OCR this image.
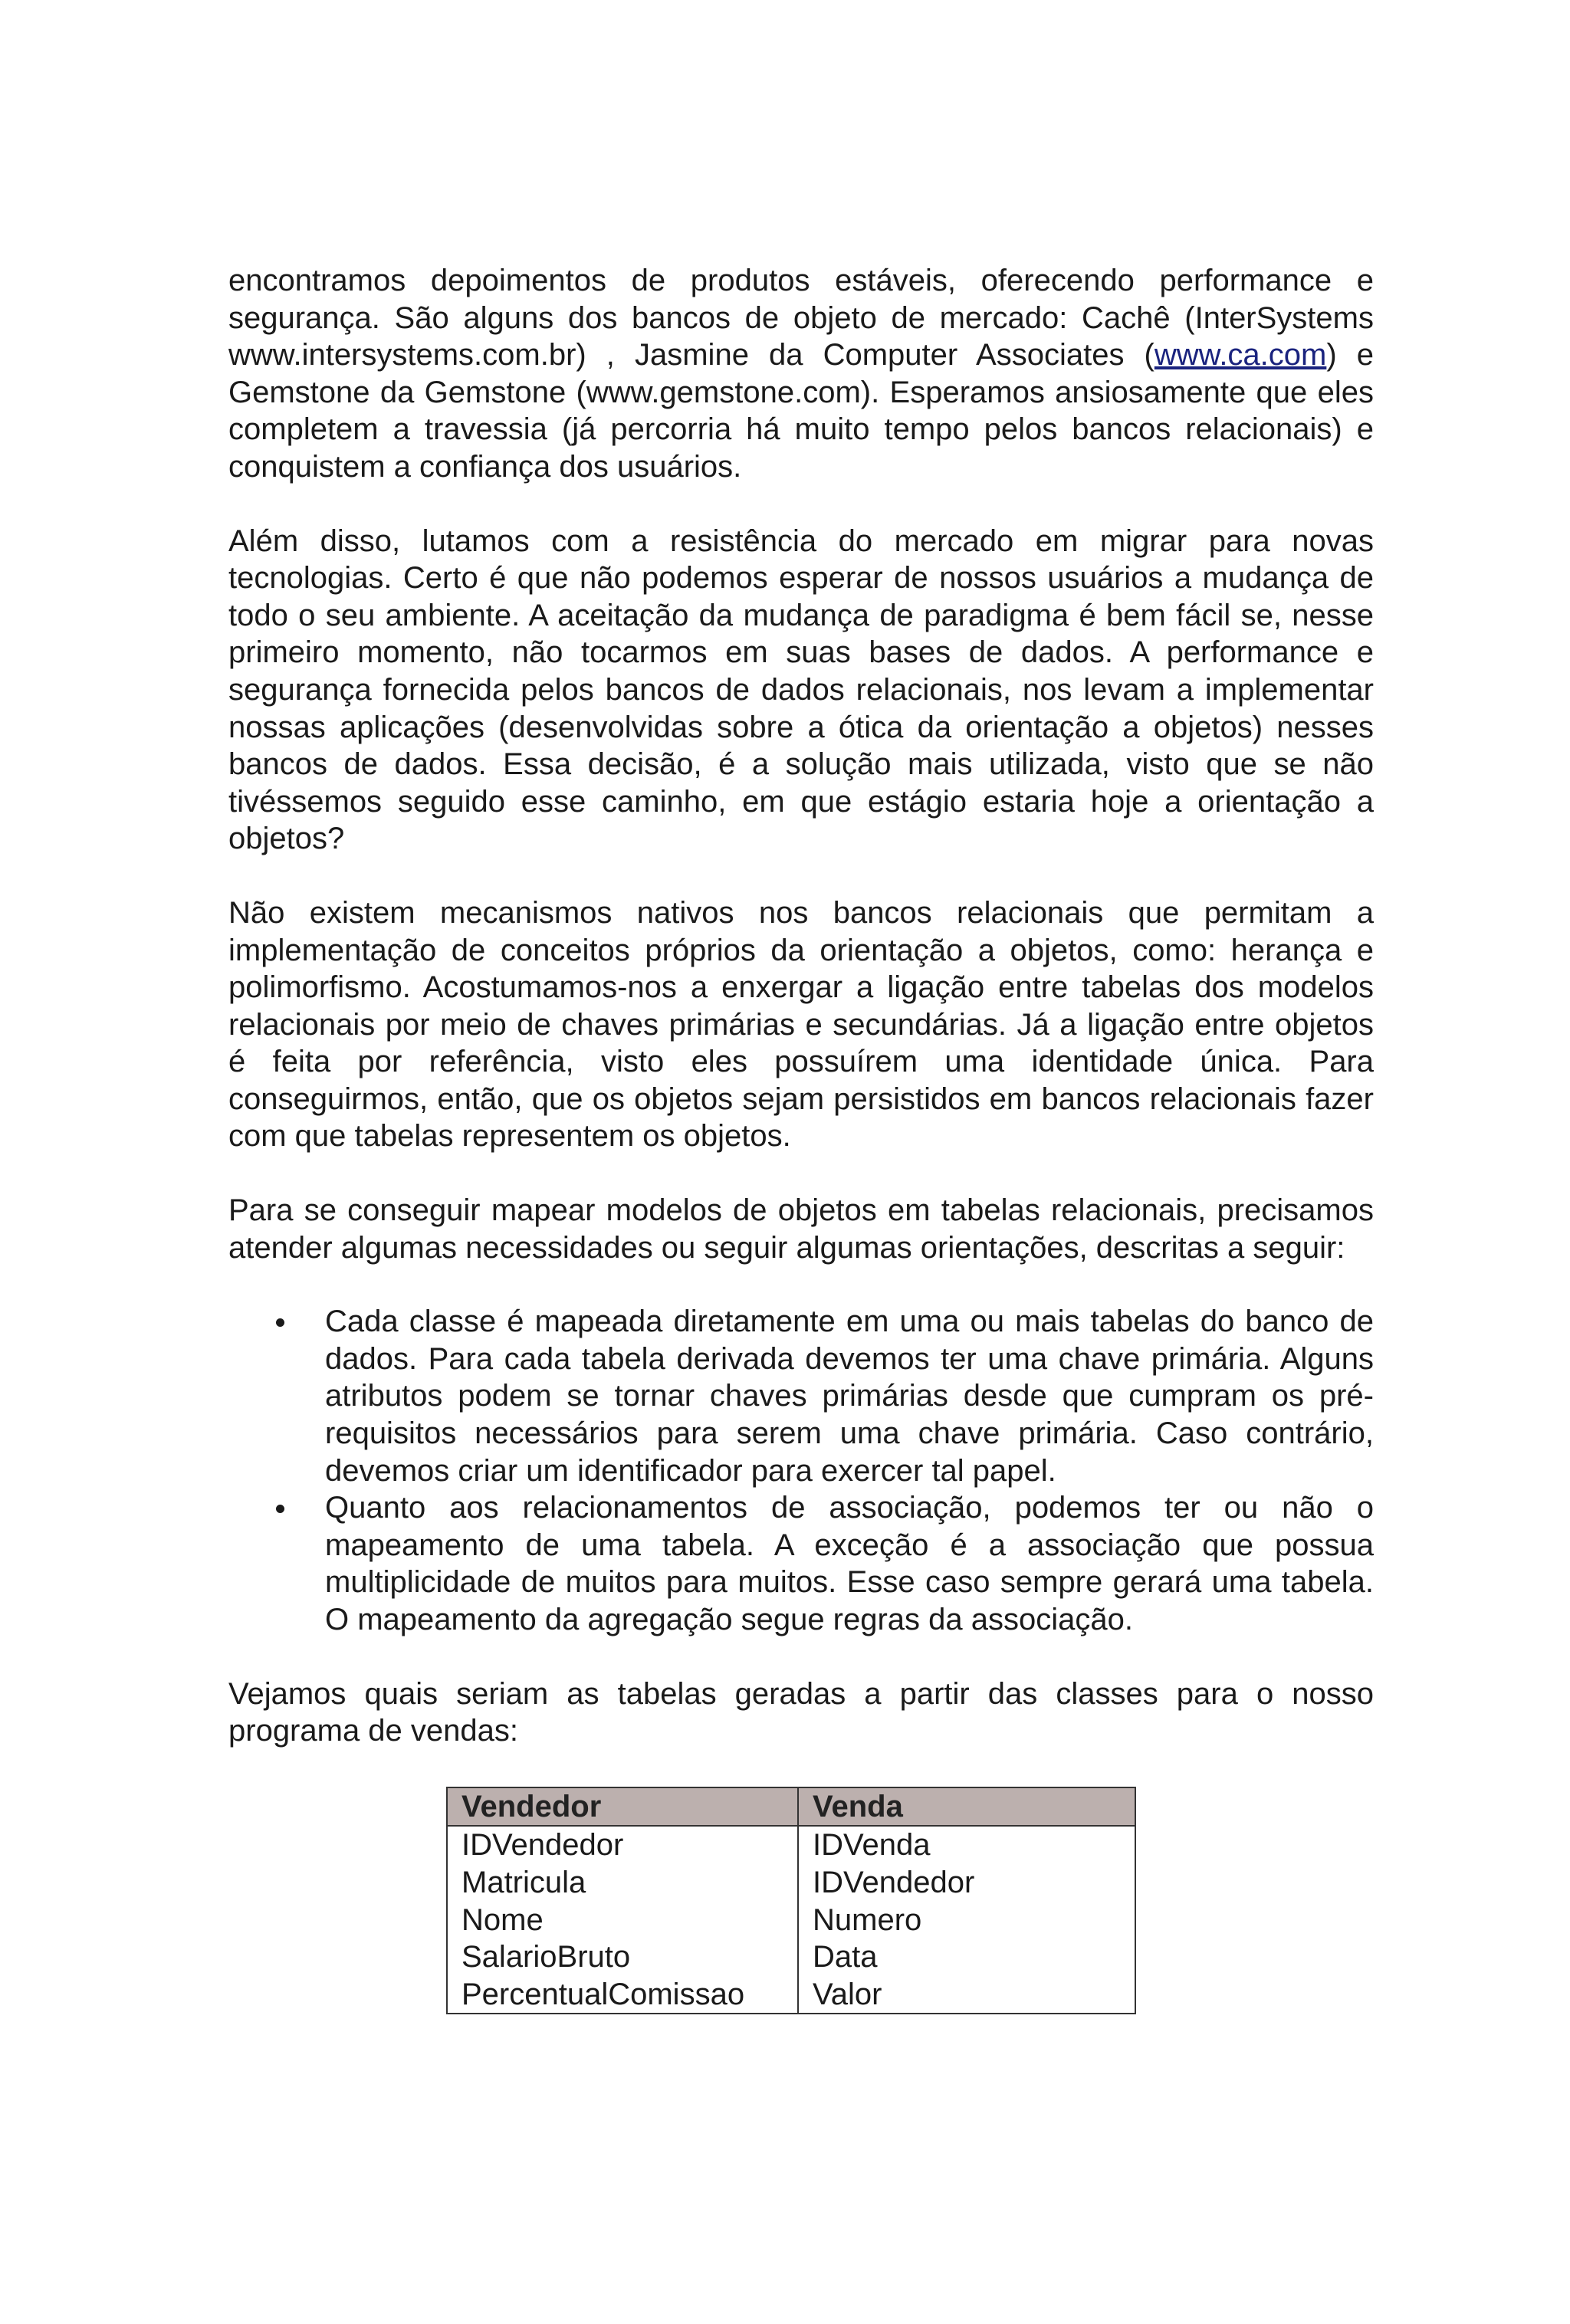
encontramos depoimentos de produtos estáveis, oferecendo performance e segurança. São alguns dos bancos de objeto de mercado: Cachê (InterSystems www.intersystems.com.br) , Jasmine da Computer Associates (www.ca.com) e Gemstone da Gemstone (www.gemstone.com). Esperamos ansiosamente que eles completem a travessia (já percorria há muito tempo pelos bancos relacionais) e conquistem a confiança dos usuários.

Além disso, lutamos com a resistência do mercado em migrar para novas tecnologias. Certo é que não podemos esperar de nossos usuários a mudança de todo o seu ambiente. A aceitação da mudança de paradigma é bem fácil se, nesse primeiro momento, não tocarmos em suas bases de dados. A performance e segurança fornecida pelos bancos de dados relacionais, nos levam a implementar nossas aplicações (desenvolvidas sobre a ótica da orientação a objetos) nesses bancos de dados. Essa decisão, é a solução mais utilizada, visto que se não tivéssemos seguido esse caminho, em que estágio estaria hoje a orientação a objetos?

Não existem mecanismos nativos nos bancos relacionais que permitam a implementação de conceitos próprios da orientação a objetos, como: herança e polimorfismo. Acostumamos-nos a enxergar a ligação entre tabelas dos modelos relacionais por meio de chaves primárias e secundárias. Já a ligação entre objetos é feita por referência, visto eles possuírem uma identidade única. Para conseguirmos, então, que os objetos sejam persistidos em bancos relacionais fazer com que tabelas representem os objetos.

Para se conseguir mapear modelos de objetos em tabelas relacionais, precisamos atender algumas necessidades ou seguir algumas orientações, descritas a seguir:

Cada classe é mapeada diretamente em uma ou mais tabelas do banco de dados. Para cada tabela derivada devemos ter uma chave primária. Alguns atributos podem se tornar chaves primárias desde que cumpram os pré-requisitos necessários para serem uma chave primária. Caso contrário, devemos criar um identificador para exercer tal papel.
Quanto aos relacionamentos de associação, podemos ter ou não o mapeamento de uma tabela. A exceção é a associação que possua multiplicidade de muitos para muitos. Esse caso sempre gerará uma tabela. O mapeamento da agregação segue regras da associação.

Vejamos quais seriam as tabelas geradas a partir das classes para o nosso programa de vendas:

Vendedor	Venda
IDVendedor	IDVenda
Matricula	IDVendedor
Nome	Numero
SalarioBruto	Data
PercentualComissao	Valor
